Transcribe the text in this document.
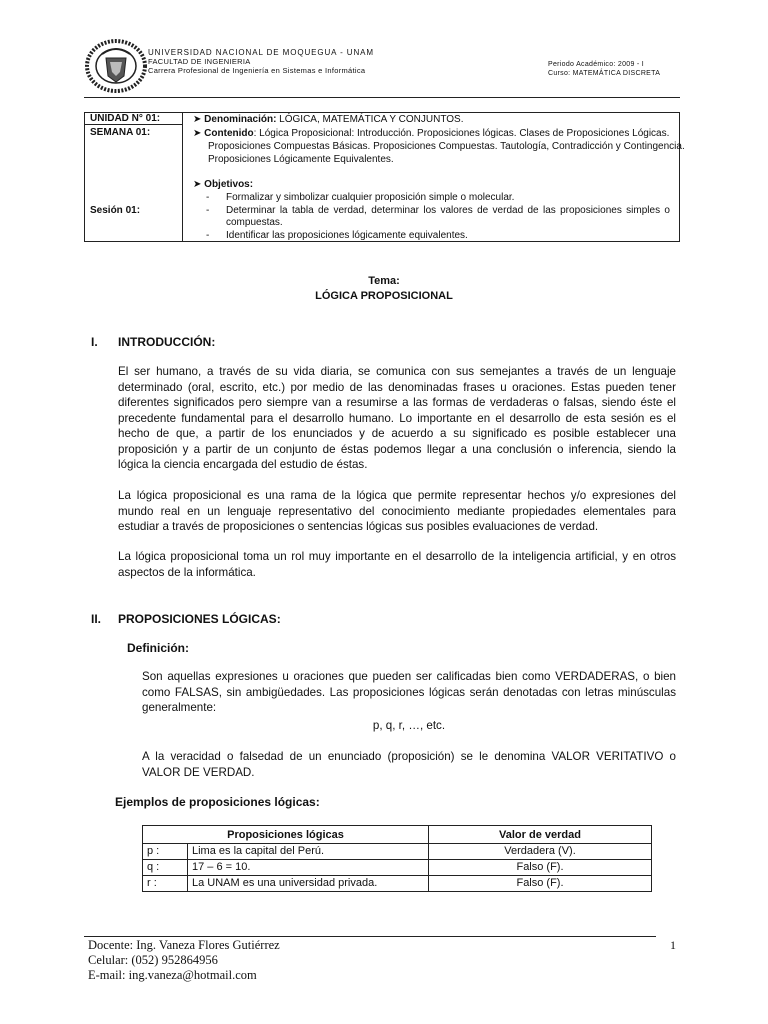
UNIVERSIDAD NACIONAL DE MOQUEGUA - UNAM
FACULTAD DE INGENIERIA
Carrera Profesional de Ingeniería en Sistemas e Informática
Periodo Académico: 2009 - I
Curso: MATEMÁTICA DISCRETA
UNIDAD N° 01:
SEMANA 01:
Sesión 01:
➤ Denominación: LÓGICA, MATEMÁTICA Y CONJUNTOS.
➤ Contenido: Lógica Proposicional: Introducción. Proposiciones lógicas. Clases de Proposiciones Lógicas.
Proposiciones Compuestas Básicas. Proposiciones Compuestas. Tautología, Contradicción y Contingencia.
Proposiciones Lógicamente Equivalentes.
➤ Objetivos:
- Formalizar y simbolizar cualquier proposición simple o molecular.
- Determinar la tabla de verdad, determinar los valores de verdad de las proposiciones simples o
compuestas.
- Identificar las proposiciones lógicamente equivalentes.
Tema:
LÓGICA PROPOSICIONAL
I. INTRODUCCIÓN:
El ser humano, a través de su vida diaria, se comunica con sus semejantes a través de un lenguaje
determinado (oral, escrito, etc.) por medio de las denominadas frases u oraciones. Estas pueden tener
diferentes significados pero siempre van a resumirse a las formas de verdaderas o falsas, siendo éste el
precedente fundamental para el desarrollo humano. Lo importante en el desarrollo de esta sesión es el
hecho de que, a partir de los enunciados y de acuerdo a su significado es posible establecer una
proposición y a partir de un conjunto de éstas podemos llegar a una conclusión o inferencia, siendo la
lógica la ciencia encargada del estudio de éstas.
La lógica proposicional es una rama de la lógica que permite representar hechos y/o expresiones del
mundo real en un lenguaje representativo del conocimiento mediante propiedades elementales para
estudiar a través de proposiciones o sentencias lógicas sus posibles evaluaciones de verdad.
La lógica proposicional toma un rol muy importante en el desarrollo de la inteligencia artificial, y en otros
aspectos de la informática.
II. PROPOSICIONES LÓGICAS:
Definición:
Son aquellas expresiones u oraciones que pueden ser calificadas bien como VERDADERAS, o bien
como FALSAS, sin ambigüedades. Las proposiciones lógicas serán denotadas con letras minúsculas
generalmente:
p, q, r, …, etc.
A la veracidad o falsedad de un enunciado (proposición) se le denomina VALOR VERITATIVO o
VALOR DE VERDAD.
Ejemplos de proposiciones lógicas:
Proposiciones lógicas		Valor de verdad
p :	Lima es la capital del Perú.	Verdadera (V).
q :	17 – 6 = 10.	Falso (F).
r :	La UNAM es una universidad privada.	Falso (F).
Docente: Ing. Vaneza Flores Gutiérrez
Celular: (052) 952864956
E-mail: ing.vaneza@hotmail.com
1
